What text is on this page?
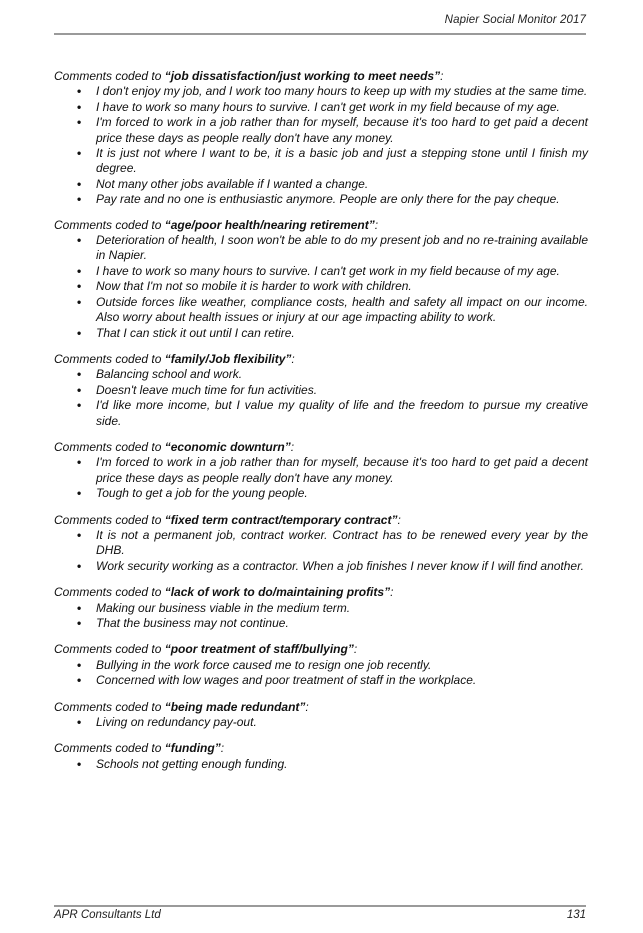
Napier Social Monitor 2017

Comments coded to “job dissatisfaction/just working to meet needs”:

• I don't enjoy my job, and I work too many hours to keep up with my studies at the same time.
• I have to work so many hours to survive. I can't get work in my field because of my age.
• I'm forced to work in a job rather than for myself, because it's too hard to get paid a decent price these days as people really don't have any money.
• It is just not where I want to be, it is a basic job and just a stepping stone until I finish my degree.
• Not many other jobs available if I wanted a change.
• Pay rate and no one is enthusiastic anymore. People are only there for the pay cheque.

Comments coded to “age/poor health/nearing retirement”:

• Deterioration of health, I soon won't be able to do my present job and no re-training available in Napier.
• I have to work so many hours to survive. I can't get work in my field because of my age.
• Now that I'm not so mobile it is harder to work with children.
• Outside forces like weather, compliance costs, health and safety all impact on our income. Also worry about health issues or injury at our age impacting ability to work.
• That I can stick it out until I can retire.

Comments coded to “family/Job flexibility”:

• Balancing school and work.
• Doesn't leave much time for fun activities.
• I'd like more income, but I value my quality of life and the freedom to pursue my creative side.

Comments coded to “economic downturn”:

• I'm forced to work in a job rather than for myself, because it's too hard to get paid a decent price these days as people really don't have any money.
• Tough to get a job for the young people.

Comments coded to “fixed term contract/temporary contract”:

• It is not a permanent job, contract worker. Contract has to be renewed every year by the DHB.
• Work security working as a contractor. When a job finishes I never know if I will find another.

Comments coded to “lack of work to do/maintaining profits”:

• Making our business viable in the medium term.
• That the business may not continue.

Comments coded to “poor treatment of staff/bullying”:

• Bullying in the work force caused me to resign one job recently.
• Concerned with low wages and poor treatment of staff in the workplace.

Comments coded to “being made redundant”:

• Living on redundancy pay-out.

Comments coded to “funding”:

• Schools not getting enough funding.
APR Consultants Ltd	131
